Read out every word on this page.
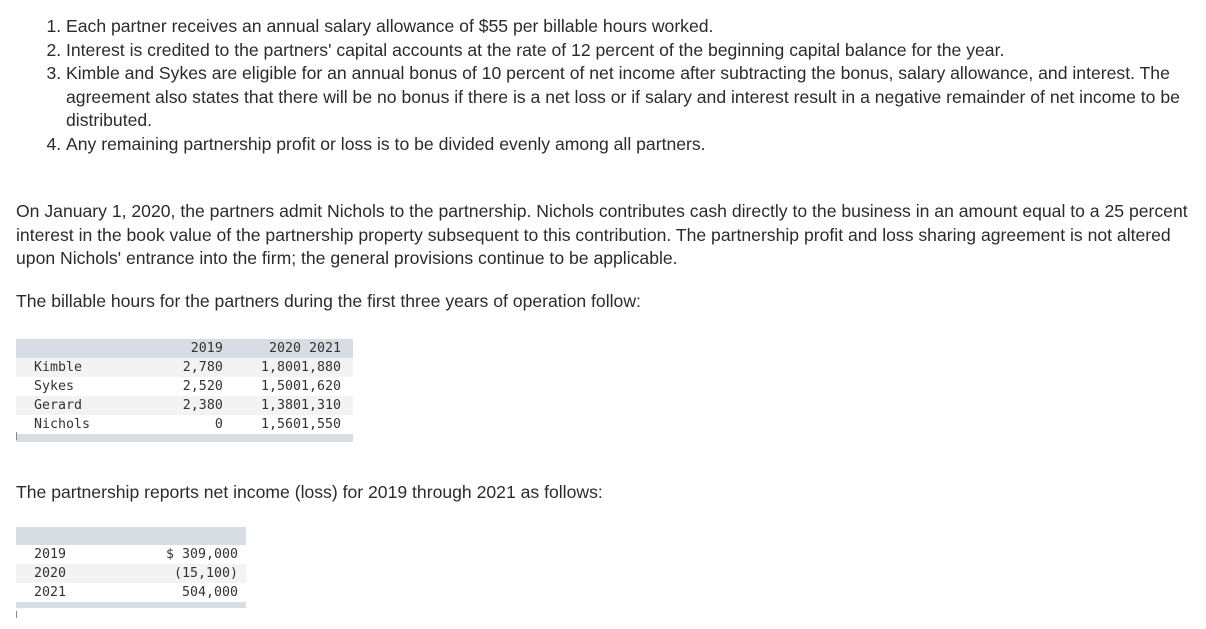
1. Each partner receives an annual salary allowance of $55 per billable hours worked.
2. Interest is credited to the partners' capital accounts at the rate of 12 percent of the beginning capital balance for the year.
3. Kimble and Sykes are eligible for an annual bonus of 10 percent of net income after subtracting the bonus, salary allowance, and interest. The agreement also states that there will be no bonus if there is a net loss or if salary and interest result in a negative remainder of net income to be distributed.
4. Any remaining partnership profit or loss is to be divided evenly among all partners.

On January 1, 2020, the partners admit Nichols to the partnership. Nichols contributes cash directly to the business in an amount equal to a 25 percent interest in the book value of the partnership property subsequent to this contribution. The partnership profit and loss sharing agreement is not altered upon Nichols' entrance into the firm; the general provisions continue to be applicable.

The billable hours for the partners during the first three years of operation follow:

	2019	2020	2021
Kimble	2,780	1,800	1,880
Sykes	2,520	1,500	1,620
Gerard	2,380	1,380	1,310
Nichols	0	1,560	1,550

The partnership reports net income (loss) for 2019 through 2021 as follows:

2019	$ 309,000
2020	(15,100)
2021	504,000
